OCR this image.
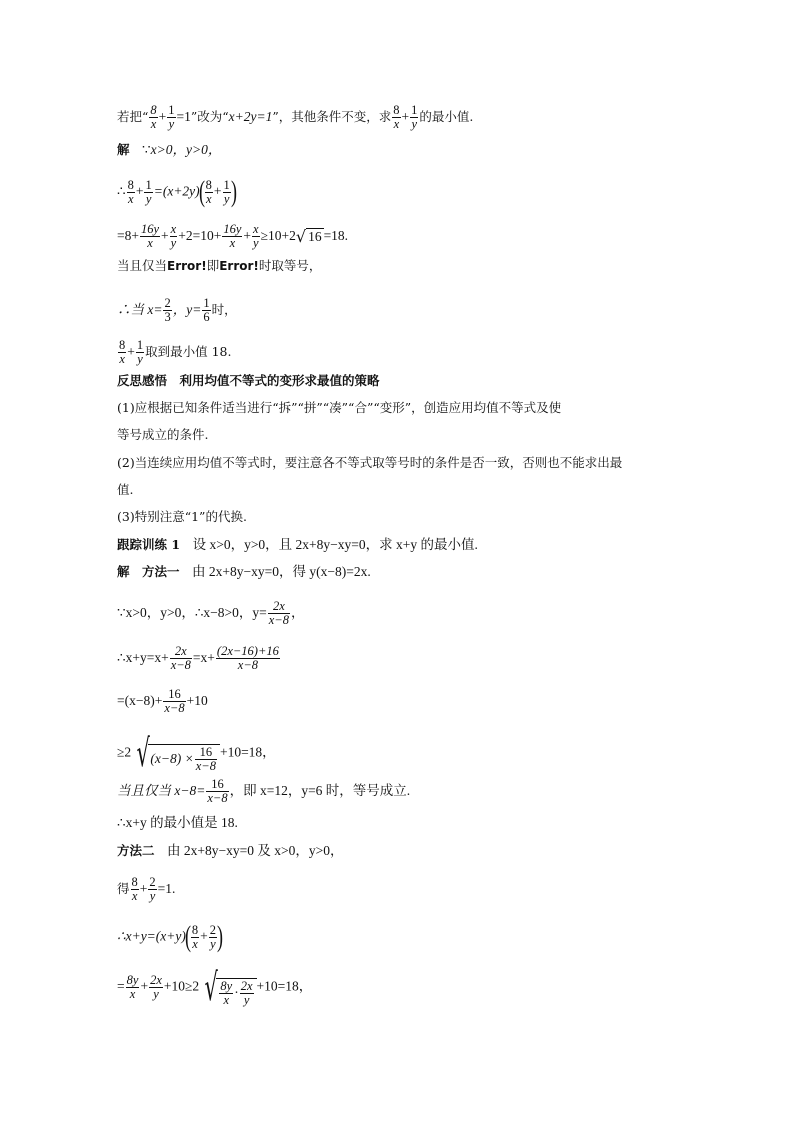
若把“ $\frac{8}{x} + \frac{1}{y} =1$”改为“x+2y=1”，其他条件不变，求 $\frac{8}{x} + \frac{1}{y}$ 的最小值.
解　 ∵x>0，y>0，
∴ $\frac{8}{x} + \frac{1}{y} =(x+2y)( \frac{8}{x} + \frac{1}{y}$ )
$=8+ \frac{16y}{x} + \frac{x}{y} +2=10+ \frac{16y}{x} + \frac{x}{y} \ge 10+2√$ 16 =18.
当且仅当Error!即Error!时取等号，
∴当 $x= \frac{2}{3}$ ，$y= \frac{1}{6}$ 时，
$\frac{8}{x} + \frac{1}{y}$ 取到最小值 18.
反思感悟　 利用均值不等式的变形求最值的策略
(1)应根据已知条件适当进行“拆”“拼”“凑”“合”“变形”，创造应用均值不等式及使
等号成立的条件.
(2)当连续应用均值不等式时，要注意各不等式取等号时的条件是否一致，否则也不能求出最
值.
(3)特别注意“1”的代换.
跟踪训练 1　 设 x>0，y>0，且 2x+8y−xy=0，求 x+y 的最小值.
解　方法一　 由 2x+8y−xy=0，得 y(x−8)=2x.
∵x>0，y>0，∴x−8>0，$y= \frac{2x}{x-8}$ ，
∴x+y=x+ $\frac{2x}{x-8} =x+ \frac{(2x-16)+16}{x-8}$
$=(x-8)+ \frac{16}{x-8} +10$
≥2 $√(x-8) \times \frac{16}{x-8} +10=18$，
当且仅当 $x-8= \frac{16}{x-8}$ ，即 x=12，y=6 时，等号成立.
∴x+y 的最小值是 18.
方法二　 由 2x+8y−xy=0 及 x>0，y>0，
得 $\frac{8}{x} + \frac{2}{y} =1$.
∴x+y=(x+y)( $\frac{8}{x} + \frac{2}{y}$ )
= $\frac{8y}{x} + \frac{2x}{y} +10\ge 2$ √ $\frac{8y}{x} \cdot \frac{2x}{y} +10=18$，
